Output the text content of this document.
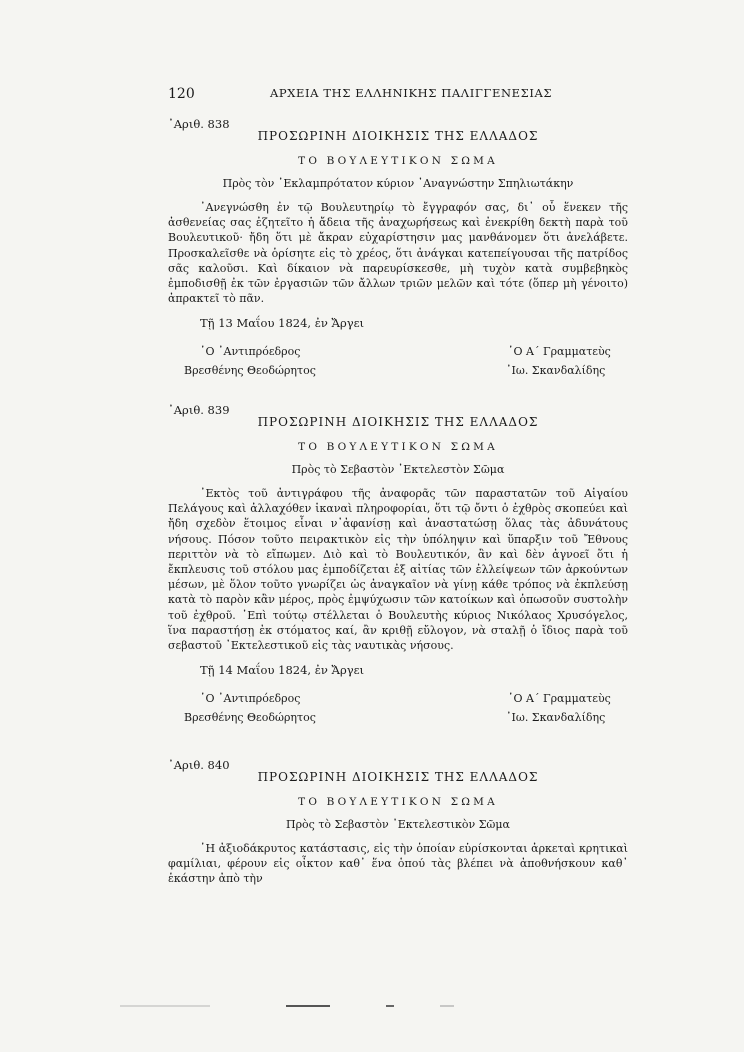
120	ΑΡΧΕΙΑ ΤΗΣ ΕΛΛΗΝΙΚΗΣ ΠΑΛΙΓΓΕΝΕΣΙΑΣ
᾿Αριθ. 838
ΠΡΟΣΩΡΙΝΗ ΔΙΟΙΚΗΣΙΣ ΤΗΣ ΕΛΛΑΔΟΣ
ΤΟ ΒΟΥΛΕΥΤΙΚΟΝ ΣΩΜΑ
Πρὸς τὸν ᾿Εκλαμπρότατον κύριον ᾿Αναγνώστην Σπηλιωτάκην
᾿Ανεγνώσθη ἐν τῷ Βουλευτηρίῳ τὸ ἔγγραφόν σας, δι᾿ οὗ ἕνεκεν τῆς ἀσθενείας σας ἐζητεῖτο ἡ ἄδεια τῆς ἀναχωρήσεως καὶ ἐνεκρίθη δεκτὴ παρὰ τοῦ Βουλευτικοῦ· ἤδη ὅτι μὲ ἄκραν εὐχαρίστησιν μας μανθάνομεν ὅτι ἀνελάβετε. Προσκαλεῖσθε νὰ ὁρίσητε εἰς τὸ χρέος, ὅτι ἀνάγκαι κατεπείγουσαι τῆς πατρίδος σᾶς καλοῦσι. Καὶ δίκαιον νὰ παρευρίσκεσθε, μὴ τυχὸν κατὰ συμβεβηκὸς ἐμποδισθῇ ἐκ τῶν ἐργασιῶν τῶν ἄλλων τριῶν μελῶν καὶ τότε (ὅπερ μὴ γένοιτο) ἀπρακτεῖ τὸ πᾶν.
Τῇ 13 Μαΐου 1824, ἐν Ἄργει
῾Ο ᾿Αντιπρόεδρος
Βρεσθένης Θεοδώρητος
῾Ο Α΄ Γραμματεὺς
᾿Ιω. Σκανδαλίδης
᾿Αριθ. 839
ΠΡΟΣΩΡΙΝΗ ΔΙΟΙΚΗΣΙΣ ΤΗΣ ΕΛΛΑΔΟΣ
ΤΟ ΒΟΥΛΕΥΤΙΚΟΝ ΣΩΜΑ
Πρὸς τὸ Σεβαστὸν ᾿Εκτελεστὸν Σῶμα
᾿Εκτὸς τοῦ ἀντιγράφου τῆς ἀναφορᾶς τῶν παραστατῶν τοῦ Αἰγαίου Πελάγους καὶ ἀλλαχόθεν ἱκαναὶ πληροφορίαι, ὅτι τῷ ὄντι ὁ ἐχθρὸς σκοπεύει καὶ ἤδη σχεδὸν ἕτοιμος εἶναι ν᾿ἀφανίσῃ καὶ ἀναστατώσῃ ὅλας τὰς ἀδυνάτους νήσους. Πόσον τοῦτο πειρακτικὸν εἰς τὴν ὑπόληψιν καὶ ὕπαρξιν τοῦ Ἔθνους περιττὸν νὰ τὸ εἴπωμεν. Διὸ καὶ τὸ Βουλευτικόν, ἂν καὶ δὲν ἀγνοεῖ ὅτι ἡ ἔκπλευσις τοῦ στόλου μας ἐμποδίζεται ἐξ αἰτίας τῶν ἐλλείψεων τῶν ἀρκούντων μέσων, μὲ ὅλον τοῦτο γνωρίζει ὡς ἀναγκαῖον νὰ γίνῃ κάθε τρόπος νὰ ἐκπλεύσῃ κατὰ τὸ παρὸν κἂν μέρος, πρὸς ἐμψύχωσιν τῶν κατοίκων καὶ ὁπωσοῦν συστολὴν τοῦ ἐχθροῦ. ᾿Επὶ τούτῳ στέλλεται ὁ Βουλευτὴς κύριος Νικόλαος Χρυσόγελος, ἵνα παραστήσῃ ἐκ στόματος καί, ἂν κριθῇ εὔλογον, νὰ σταλῇ ὁ ἴδιος παρὰ τοῦ σεβαστοῦ ᾿Εκτελεστικοῦ εἰς τὰς ναυτικὰς νήσους.
Τῇ 14 Μαΐου 1824, ἐν Ἄργει
῾Ο ᾿Αντιπρόεδρος
Βρεσθένης Θεοδώρητος
῾Ο Α΄ Γραμματεὺς
᾿Ιω. Σκανδαλίδης
᾿Αριθ. 840
ΠΡΟΣΩΡΙΝΗ ΔΙΟΙΚΗΣΙΣ ΤΗΣ ΕΛΛΑΔΟΣ
ΤΟ ΒΟΥΛΕΥΤΙΚΟΝ ΣΩΜΑ
Πρὸς τὸ Σεβαστὸν ᾿Εκτελεστικὸν Σῶμα
῾Η ἀξιοδάκρυτος κατάστασις, εἰς τὴν ὁποίαν εὑρίσκονται ἀρκεταὶ κρητικαὶ φαμίλιαι, φέρουν εἰς οἶκτον καθ᾿ ἕνα ὁπού τὰς βλέπει νὰ ἀποθνήσκουν καθ᾿ ἑκάστην ἀπὸ τὴν
